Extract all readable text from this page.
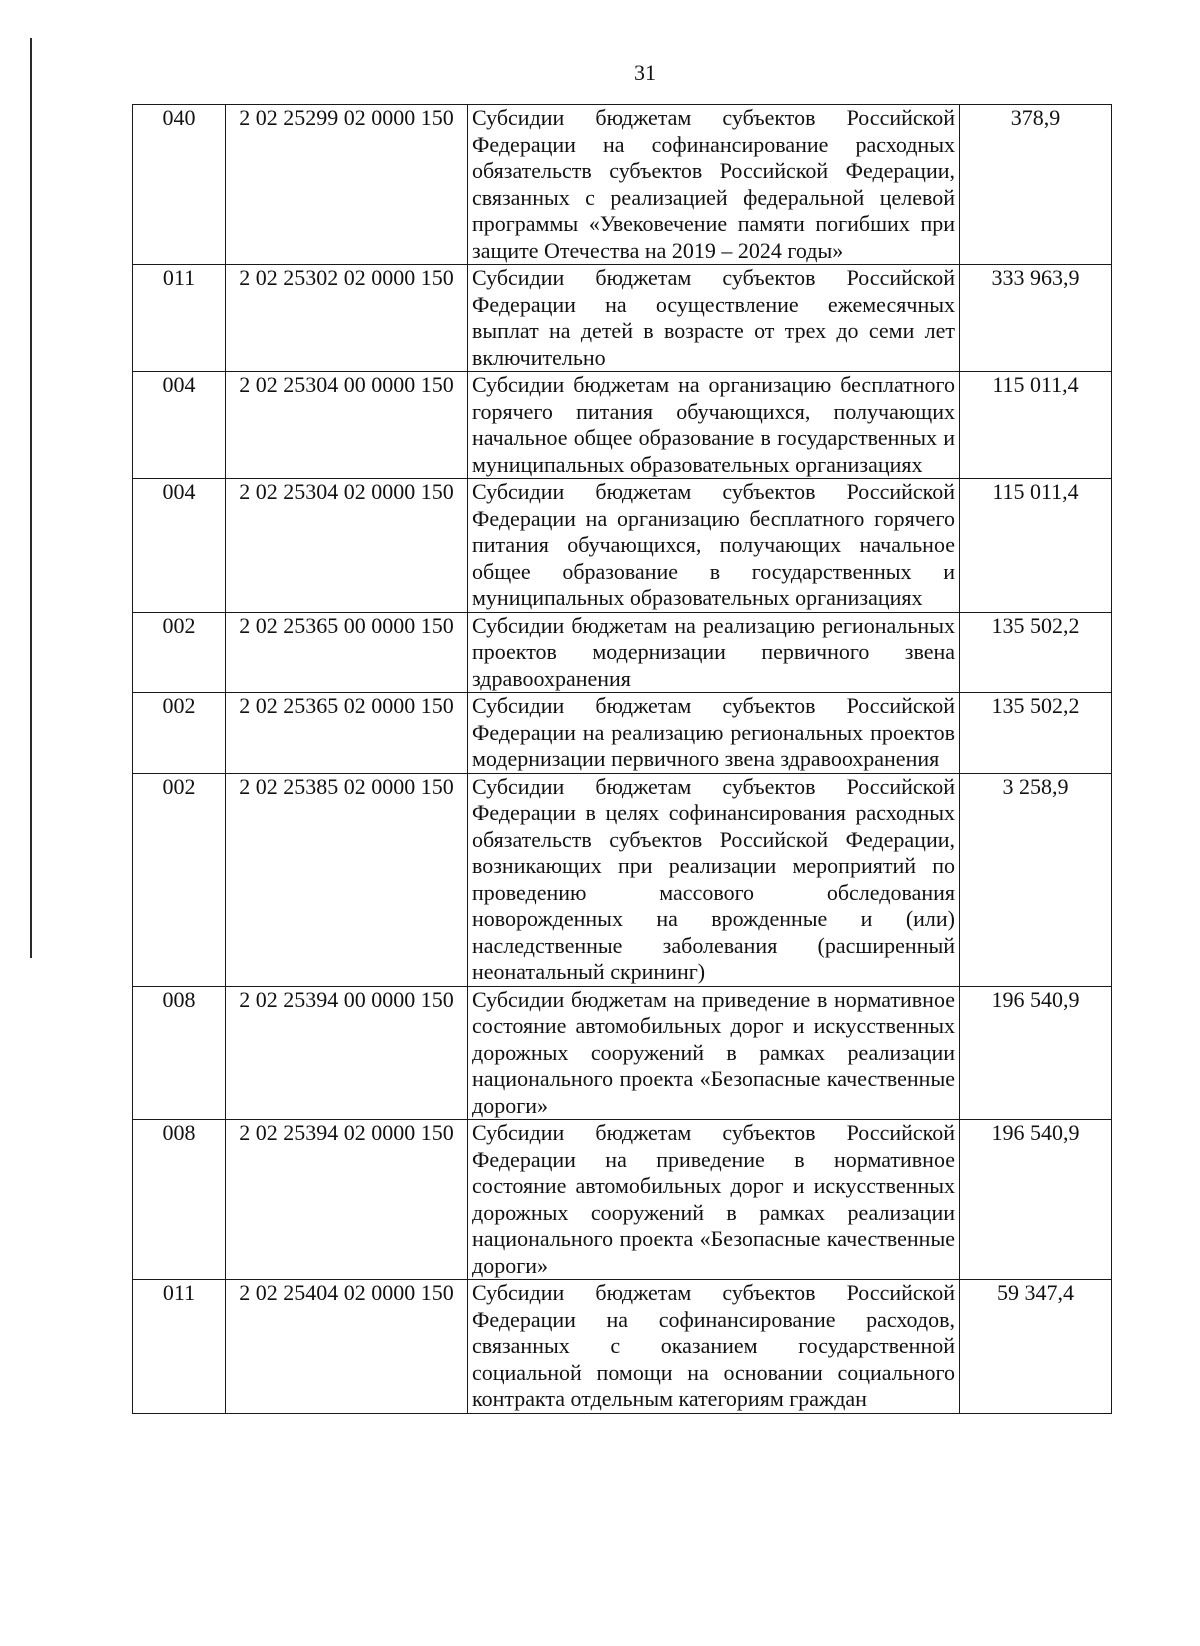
31
040	2 02 25299 02 0000 150	Субсидии бюджетам субъектов Российской Федерации на софинансирование расходных обязательств субъектов Российской Федерации, связанных с реализацией федеральной целевой программы «Увековечение памяти погибших при защите Отечества на 2019 – 2024 годы»	378,9
011	2 02 25302 02 0000 150	Субсидии бюджетам субъектов Российской Федерации на осуществление ежемесячных выплат на детей в возрасте от трех до семи лет включительно	333 963,9
004	2 02 25304 00 0000 150	Субсидии бюджетам на организацию бесплатного горячего питания обучающихся, получающих начальное общее образование в государственных и муниципальных образовательных организациях	115 011,4
004	2 02 25304 02 0000 150	Субсидии бюджетам субъектов Российской Федерации на организацию бесплатного горячего питания обучающихся, получающих начальное общее образование в государственных и муниципальных образовательных организациях	115 011,4
002	2 02 25365 00 0000 150	Субсидии бюджетам на реализацию региональных проектов модернизации первичного звена здравоохранения	135 502,2
002	2 02 25365 02 0000 150	Субсидии бюджетам субъектов Российской Федерации на реализацию региональных проектов модернизации первичного звена здравоохранения	135 502,2
002	2 02 25385 02 0000 150	Субсидии бюджетам субъектов Российской Федерации в целях софинансирования расходных обязательств субъектов Российской Федерации, возникающих при реализации мероприятий по проведению массового обследования новорожденных на врожденные и (или) наследственные заболевания (расширенный неонатальный скрининг)	3 258,9
008	2 02 25394 00 0000 150	Субсидии бюджетам на приведение в нормативное состояние автомобильных дорог и искусственных дорожных сооружений в рамках реализации национального проекта «Безопасные качественные дороги»	196 540,9
008	2 02 25394 02 0000 150	Субсидии бюджетам субъектов Российской Федерации на приведение в нормативное состояние автомобильных дорог и искусственных дорожных сооружений в рамках реализации национального проекта «Безопасные качественные дороги»	196 540,9
011	2 02 25404 02 0000 150	Субсидии бюджетам субъектов Российской Федерации на софинансирование расходов, связанных с оказанием государственной социальной помощи на основании социального контракта отдельным категориям граждан	59 347,4
